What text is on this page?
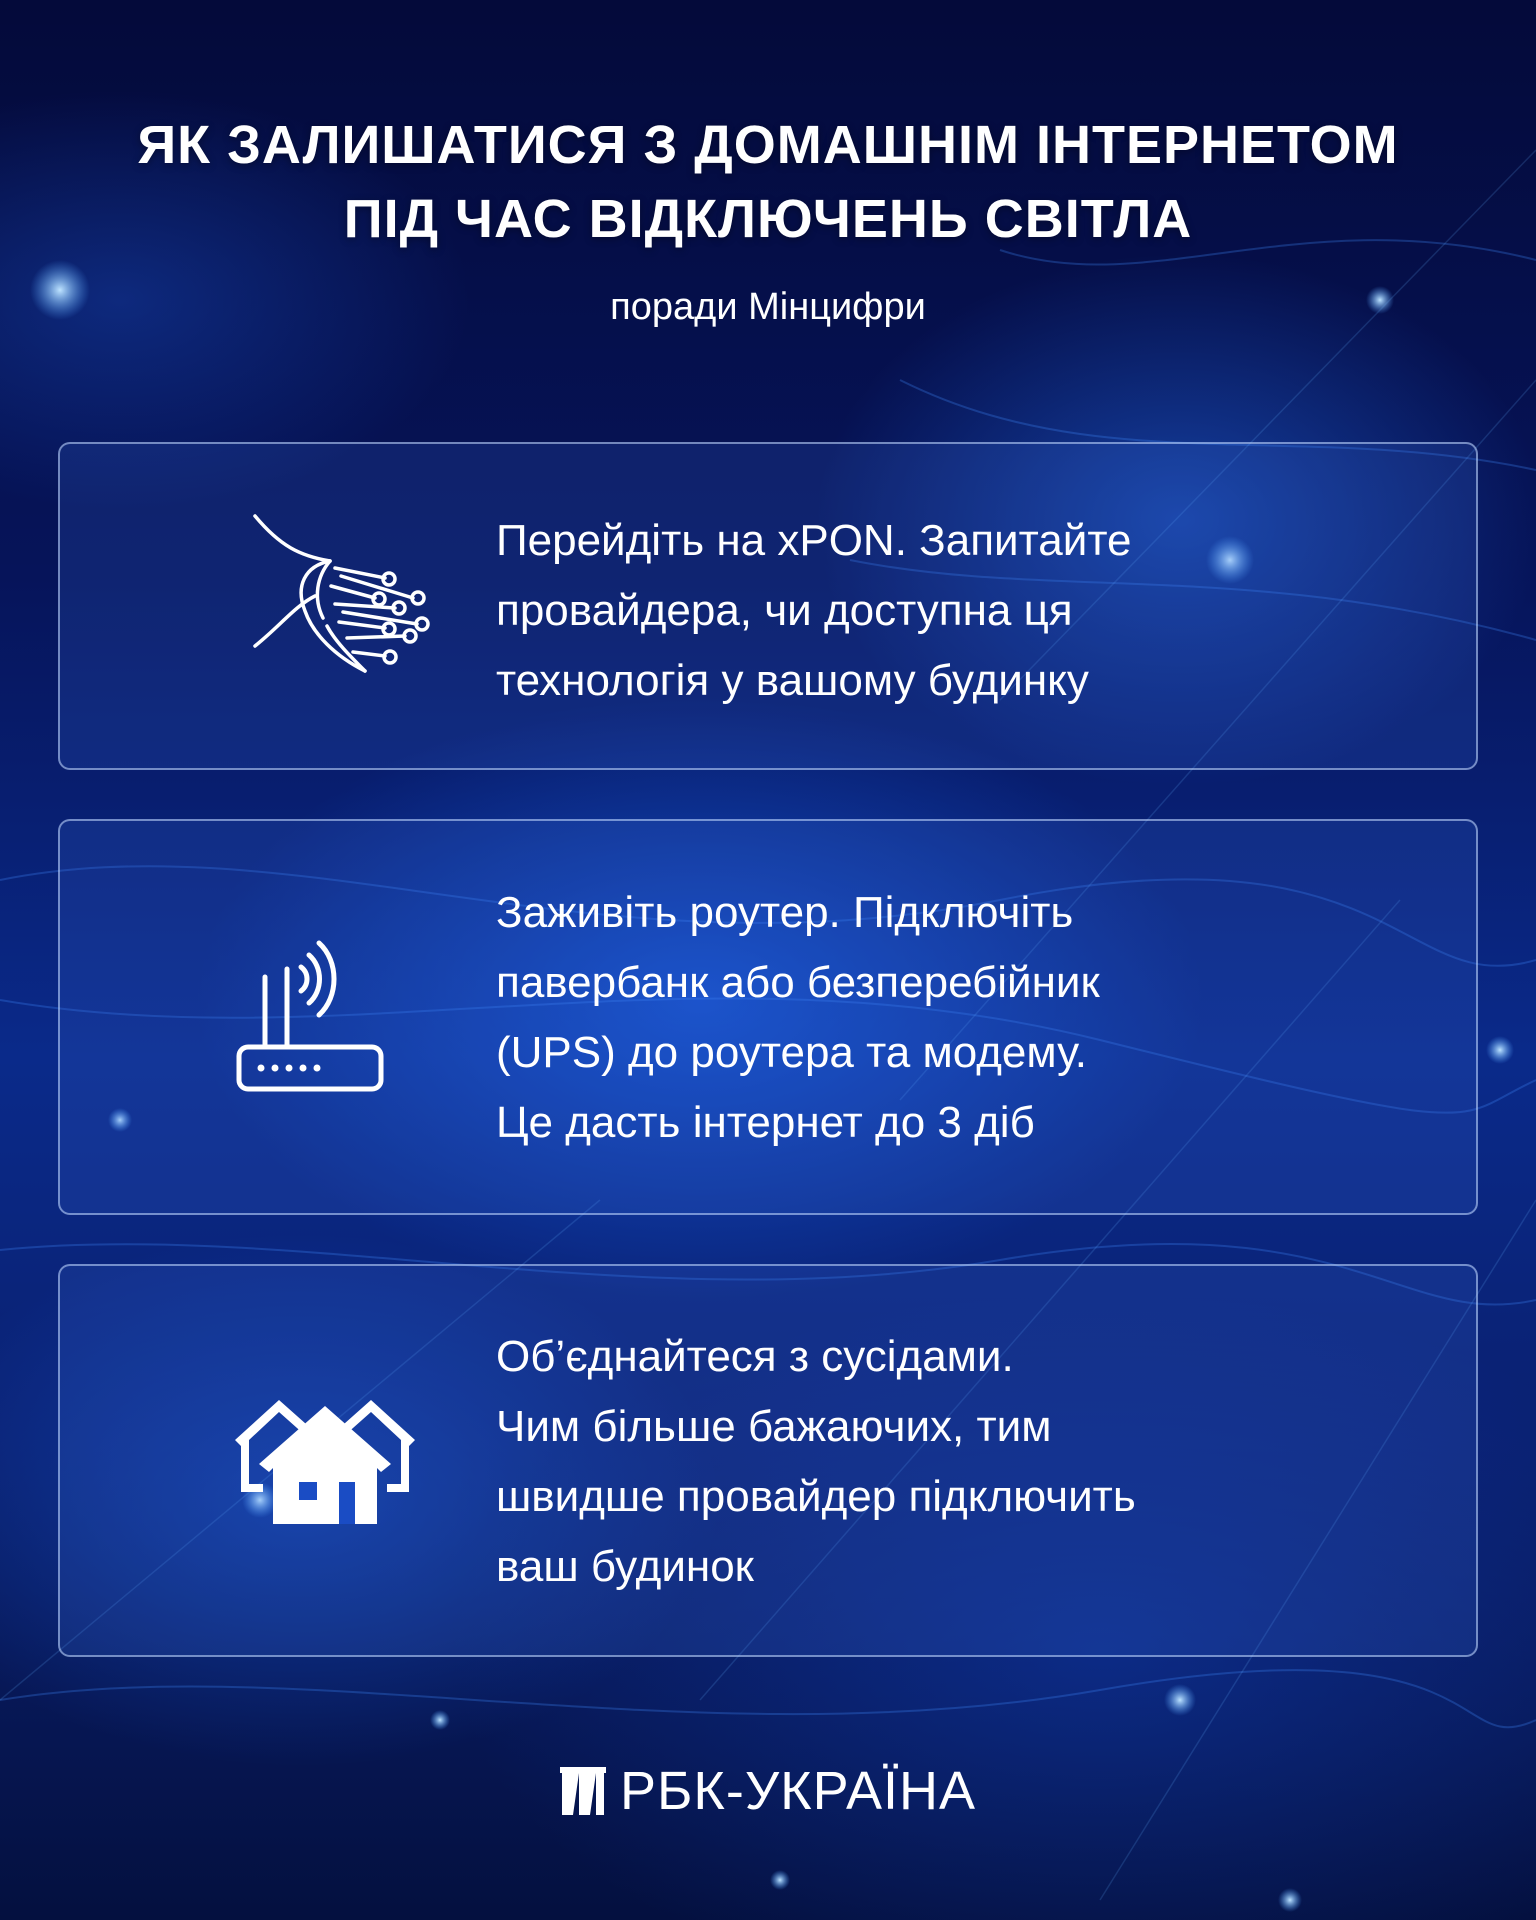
ЯК ЗАЛИШАТИСЯ З ДОМАШНІМ ІНТЕРНЕТОМ
ПІД ЧАС ВІДКЛЮЧЕНЬ СВІТЛА
поради Мінцифри
Перейдіть на xPON. Запитайте
провайдера, чи доступна ця
технологія у вашому будинку
Заживіть роутер. Підключіть
павербанк або безперебійник
(UPS) до роутера та модему.
Це дасть інтернет до 3 діб
Об’єднайтеся з сусідами.
Чим більше бажаючих, тим
швидше провайдер підключить
ваш будинок
РБК-УКРАЇНА
